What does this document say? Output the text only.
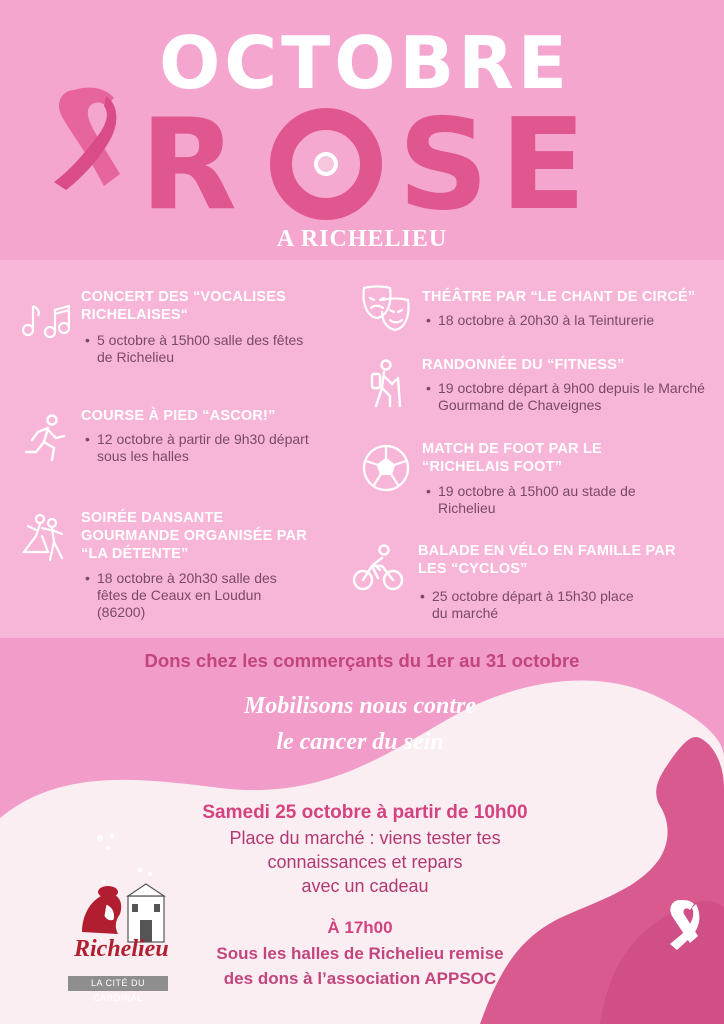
OCTOBRE
R S E
A RICHELIEU
CONCERT DES “VOCALISES RICHELAISES“
• 5 octobre à 15h00 salle des fêtes de Richelieu
COURSE À PIED “ASCOR!”
• 12 octobre à partir de 9h30 départ sous les halles
SOIRÉE DANSANTE GOURMANDE ORGANISÉE PAR “LA DÉTENTE”
• 18 octobre à 20h30 salle des fêtes de Ceaux en Loudun (86200)
THÉÂTRE PAR “LE CHANT DE CIRCÉ”
• 18 octobre à 20h30 à la Teinturerie
RANDONNÉE DU “FITNESS”
• 19 octobre départ à 9h00 depuis le Marché Gourmand de Chaveignes
MATCH DE FOOT PAR LE “RICHELAIS FOOT”
• 19 octobre à 15h00 au stade de Richelieu
BALADE EN VÉLO EN FAMILLE PAR LES “CYCLOS”
• 25 octobre départ à 15h30 place du marché
Dons chez les commerçants du 1er au 31 octobre
Mobilisons nous contre
le cancer du sein
Samedi 25 octobre à partir de 10h00
Place du marché : viens tester tes
connaissances et repars
avec un cadeau
À 17h00
Sous les halles de Richelieu remise
des dons à l’association APPSOC
Richelieu
LA CITÉ DU CARDINAL
